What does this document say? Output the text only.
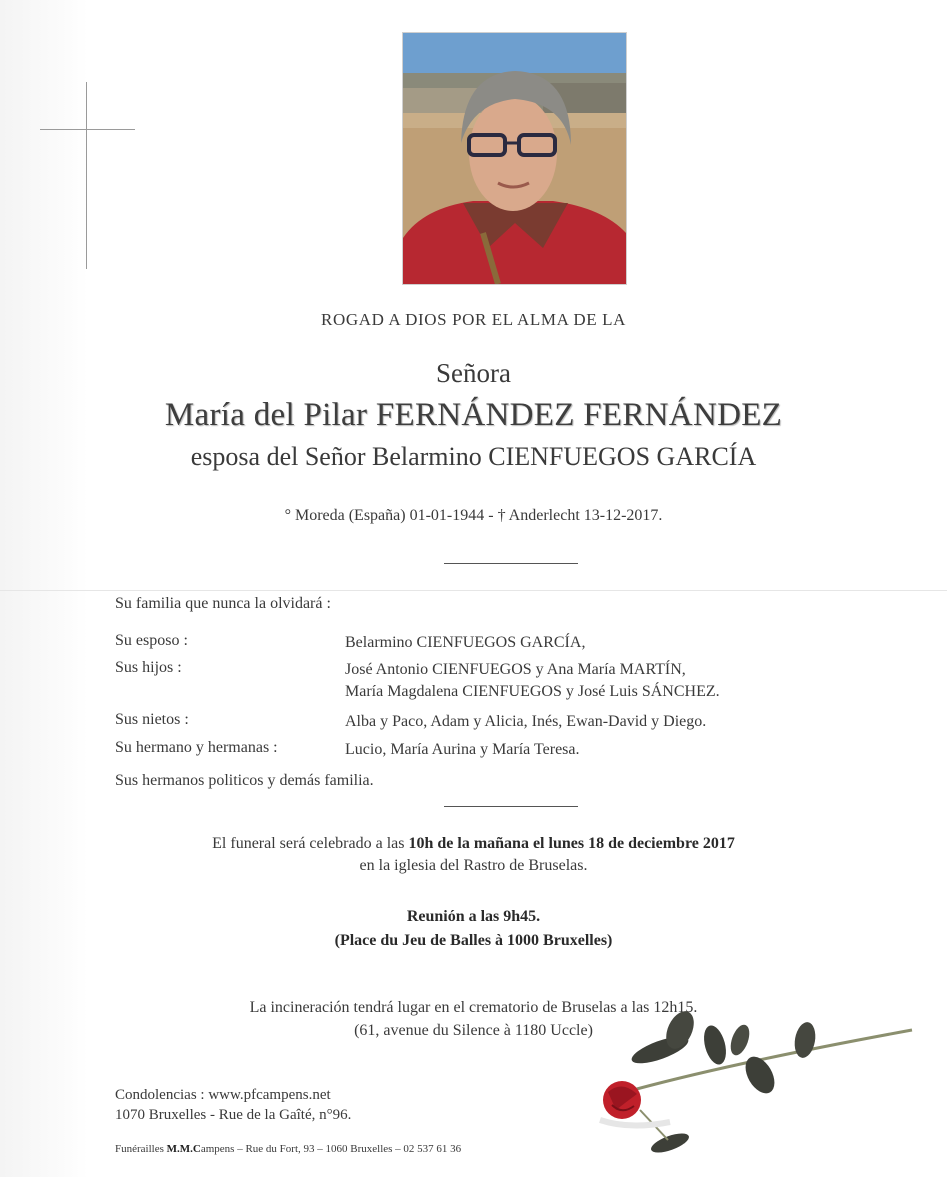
ROGAD A DIOS POR EL ALMA DE LA
Señora
María del Pilar FERNÁNDEZ FERNÁNDEZ
esposa del Señor Belarmino CIENFUEGOS GARCÍA
° Moreda (España) 01-01-1944 - † Anderlecht 13-12-2017.
Su familia que nunca la olvidará :
Su esposo :	Belarmino CIENFUEGOS GARCÍA,
Sus hijos :	José Antonio CIENFUEGOS y Ana María MARTÍN,
María Magdalena CIENFUEGOS y José Luis SÁNCHEZ.
Sus nietos :	Alba y Paco, Adam y Alicia, Inés, Ewan-David y Diego.
Su hermano y hermanas :	Lucio, María Aurina y María Teresa.
Sus hermanos politicos y demás familia.
El funeral será celebrado a las 10h de la mañana el lunes 18 de deciembre 2017
en la iglesia del Rastro de Bruselas.
Reunión a las 9h45.
(Place du Jeu de Balles à 1000 Bruxelles)
La incineración tendrá lugar en el crematorio de Bruselas a las 12h15.
(61, avenue du Silence à 1180 Uccle)
Condolencias : www.pfcampens.net
1070 Bruxelles - Rue de la Gaîté, n°96.
Funérailles M.M.Campens – Rue du Fort, 93 – 1060 Bruxelles – 02 537 61 36
